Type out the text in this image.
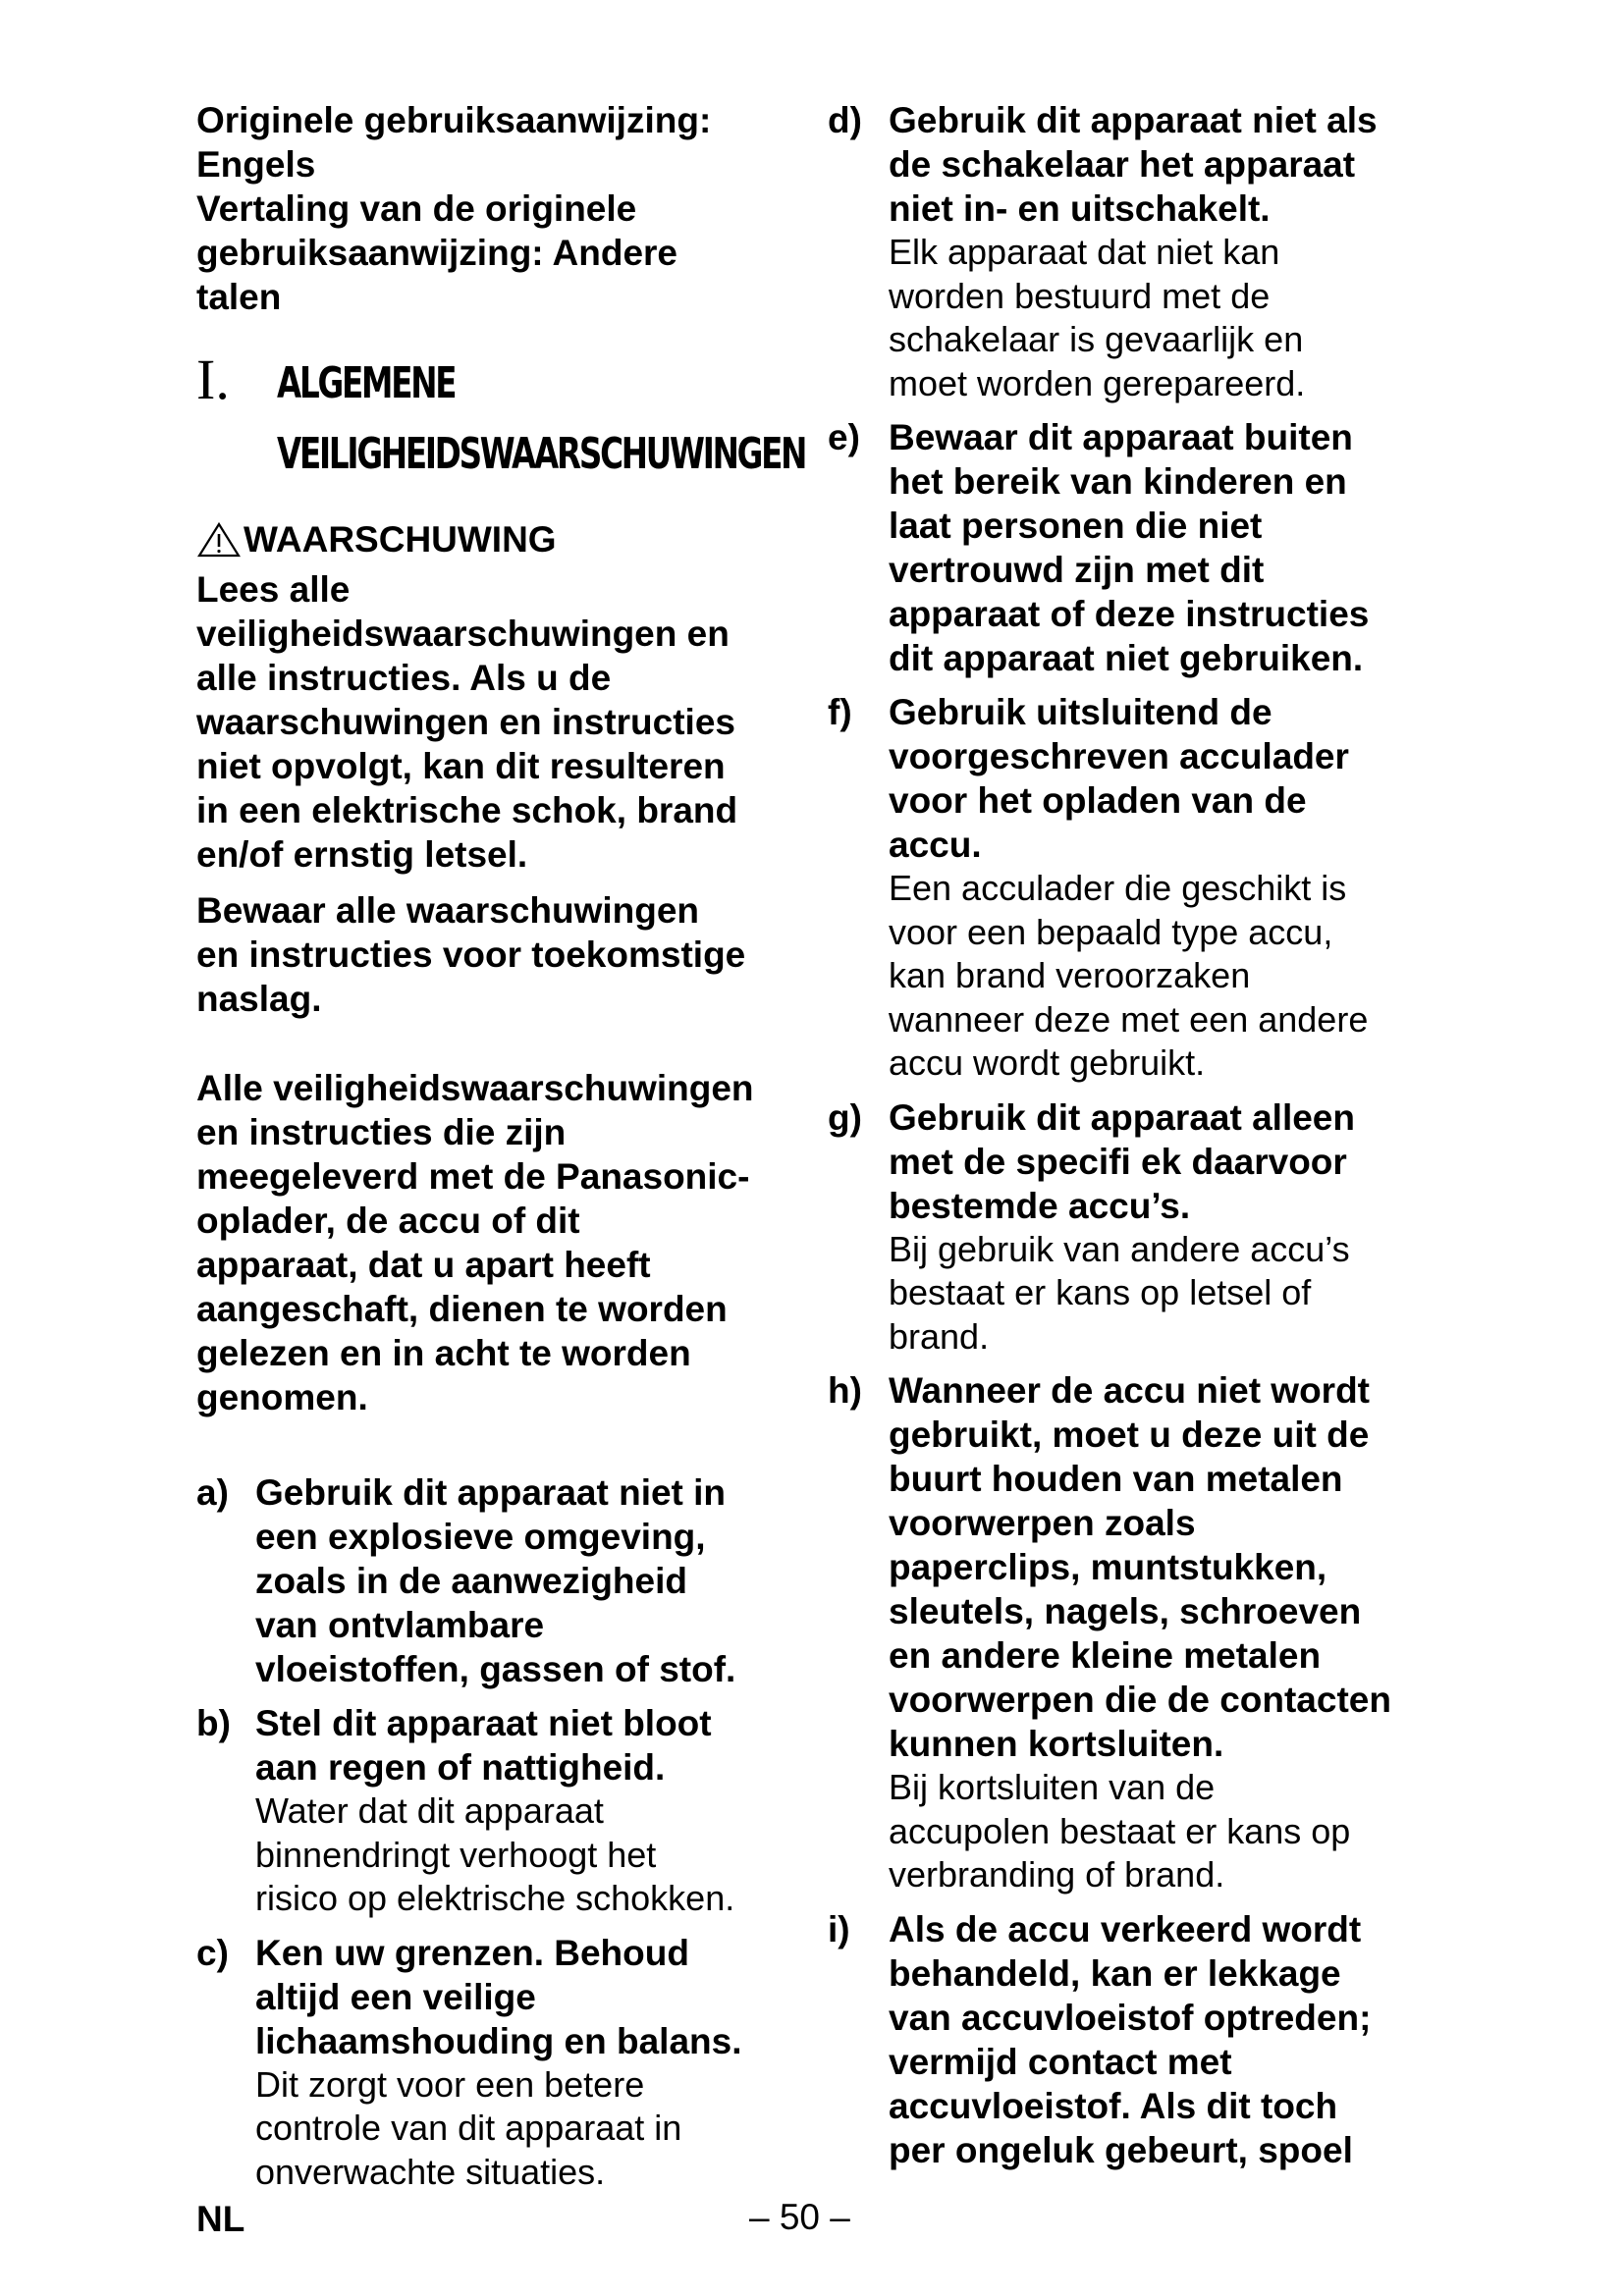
Originele gebruiksaanwijzing:
Engels
Vertaling van de originele
gebruiksaanwijzing: Andere
talen
I. ALGEMENE
VEILIGHEIDSWAARSCHUWINGEN
WAARSCHUWING
Lees alle
veiligheidswaarschuwingen en
alle instructies. Als u de
waarschuwingen en instructies
niet opvolgt, kan dit resulteren
in een elektrische schok, brand
en/of ernstig letsel.
Bewaar alle waarschuwingen
en instructies voor toekomstige
naslag.
Alle veiligheidswaarschuwingen
en instructies die zijn
meegeleverd met de Panasonic-
oplader, de accu of dit
apparaat, dat u apart heeft
aangeschaft, dienen te worden
gelezen en in acht te worden
genomen.
a) Gebruik dit apparaat niet in
een explosieve omgeving,
zoals in de aanwezigheid
van ontvlambare
vloeistoffen, gassen of stof.
b) Stel dit apparaat niet bloot
aan regen of nattigheid.
Water dat dit apparaat
binnendringt verhoogt het
risico op elektrische schokken.
c) Ken uw grenzen. Behoud
altijd een veilige
lichaamshouding en balans.
Dit zorgt voor een betere
controle van dit apparaat in
onverwachte situaties.
d) Gebruik dit apparaat niet als
de schakelaar het apparaat
niet in- en uitschakelt.
Elk apparaat dat niet kan
worden bestuurd met de
schakelaar is gevaarlijk en
moet worden gerepareerd.
e) Bewaar dit apparaat buiten
het bereik van kinderen en
laat personen die niet
vertrouwd zijn met dit
apparaat of deze instructies
dit apparaat niet gebruiken.
f) Gebruik uitsluitend de
voorgeschreven acculader
voor het opladen van de
accu.
Een acculader die geschikt is
voor een bepaald type accu,
kan brand veroorzaken
wanneer deze met een andere
accu wordt gebruikt.
g) Gebruik dit apparaat alleen
met de specifi ek daarvoor
bestemde accu’s.
Bij gebruik van andere accu’s
bestaat er kans op letsel of
brand.
h) Wanneer de accu niet wordt
gebruikt, moet u deze uit de
buurt houden van metalen
voorwerpen zoals
paperclips, muntstukken,
sleutels, nagels, schroeven
en andere kleine metalen
voorwerpen die de contacten
kunnen kortsluiten.
Bij kortsluiten van de
accupolen bestaat er kans op
verbranding of brand.
i) Als de accu verkeerd wordt
behandeld, kan er lekkage
van accuvloeistof optreden;
vermijd contact met
accuvloeistof. Als dit toch
per ongeluk gebeurt, spoel
NL	– 50 –
